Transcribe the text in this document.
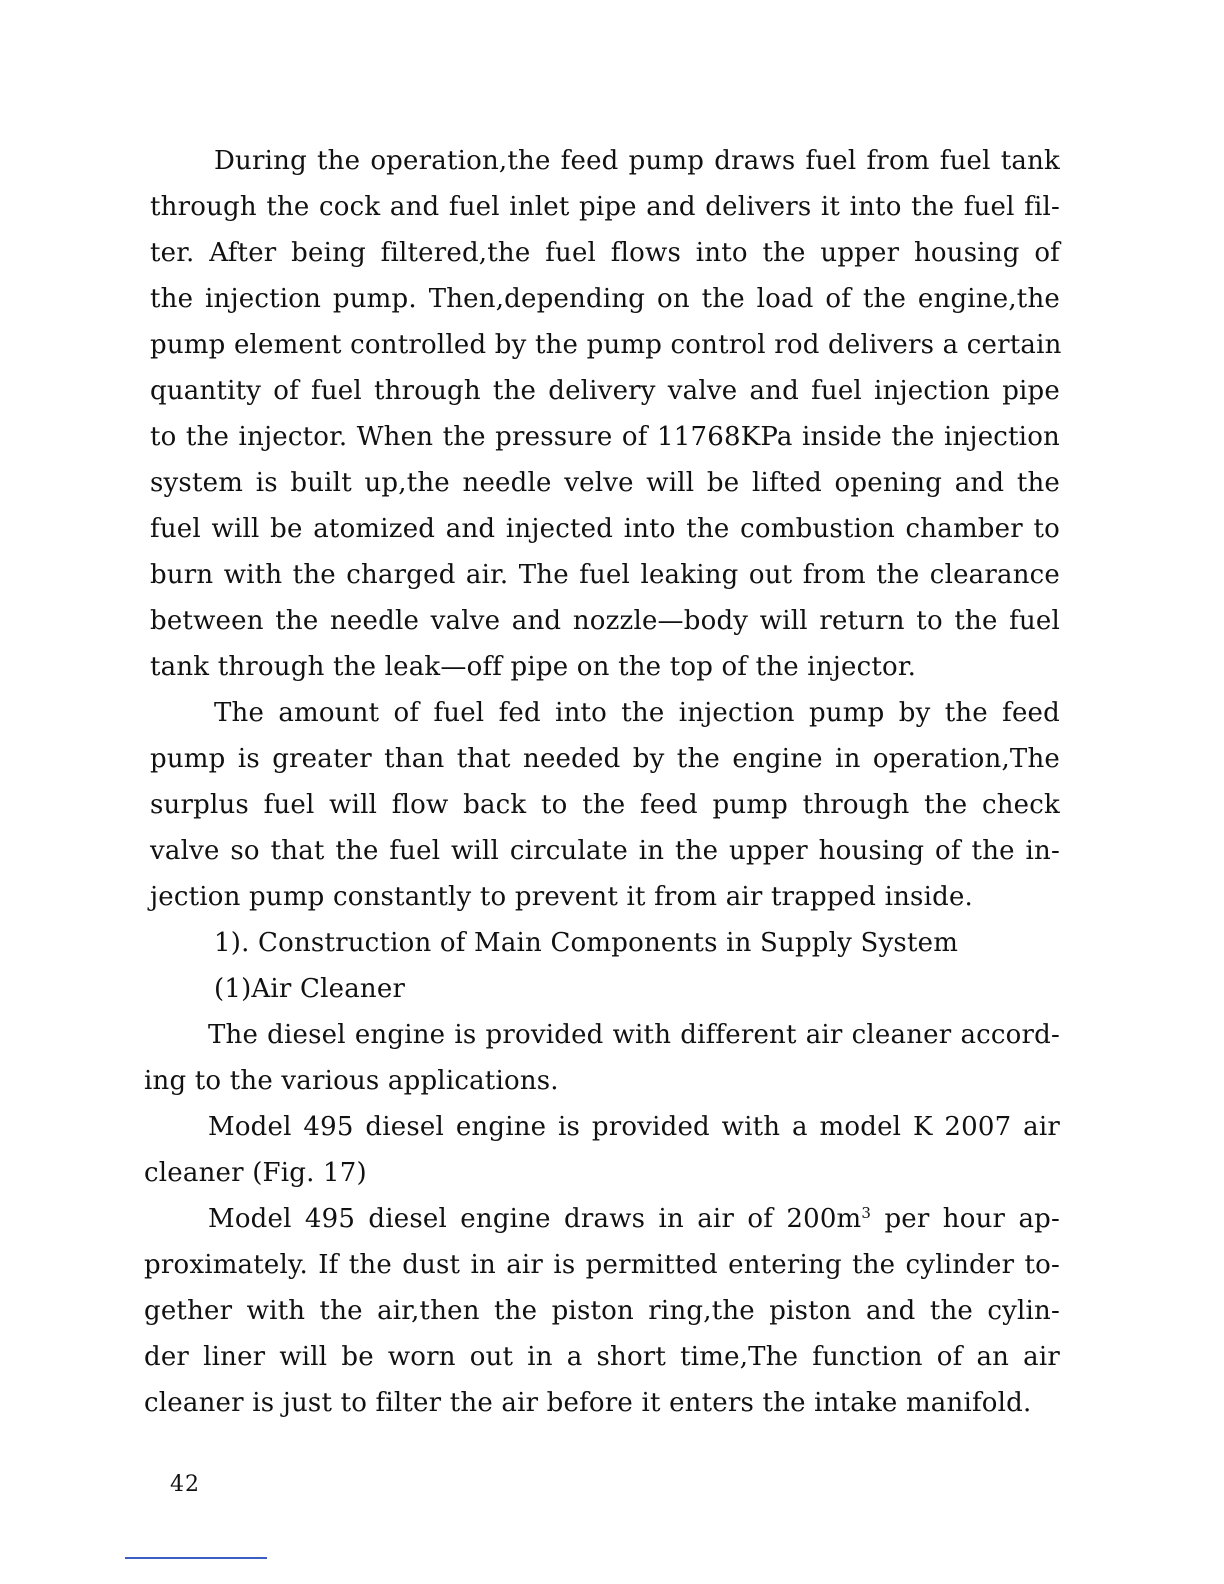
During the operation,the feed pump draws fuel from fuel tank
through the cock and fuel inlet pipe and delivers it into the fuel fil-
ter. After being filtered,the fuel flows into the upper housing of
the injection pump. Then,depending on the load of the engine,the
pump element controlled by the pump control rod delivers a certain
quantity of fuel through the delivery valve and fuel injection pipe
to the injector. When the pressure of 11768KPa inside the injection
system is built up,the needle velve will be lifted opening and the
fuel will be atomized and injected into the combustion chamber to
burn with the charged air. The fuel leaking out from the clearance
between the needle valve and nozzle—body will return to the fuel
tank through the leak—off pipe on the top of the injector.
The amount of fuel fed into the injection pump by the feed
pump is greater than that needed by the engine in operation,The
surplus fuel will flow back to the feed pump through the check
valve so that the fuel will circulate in the upper housing of the in-
jection pump constantly to prevent it from air trapped inside.
1). Construction of Main Components in Supply System
(1)Air Cleaner
The diesel engine is provided with different air cleaner accord-
ing to the various applications.
Model 495 diesel engine is provided with a model K 2007 air
cleaner (Fig. 17)
Model 495 diesel engine draws in air of $200m^3$ per hour ap-
proximately. If the dust in air is permitted entering the cylinder to-
gether with the air,then the piston ring,the piston and the cylin-
der liner will be worn out in a short time,The function of an air
cleaner is just to filter the air before it enters the intake manifold.
42
